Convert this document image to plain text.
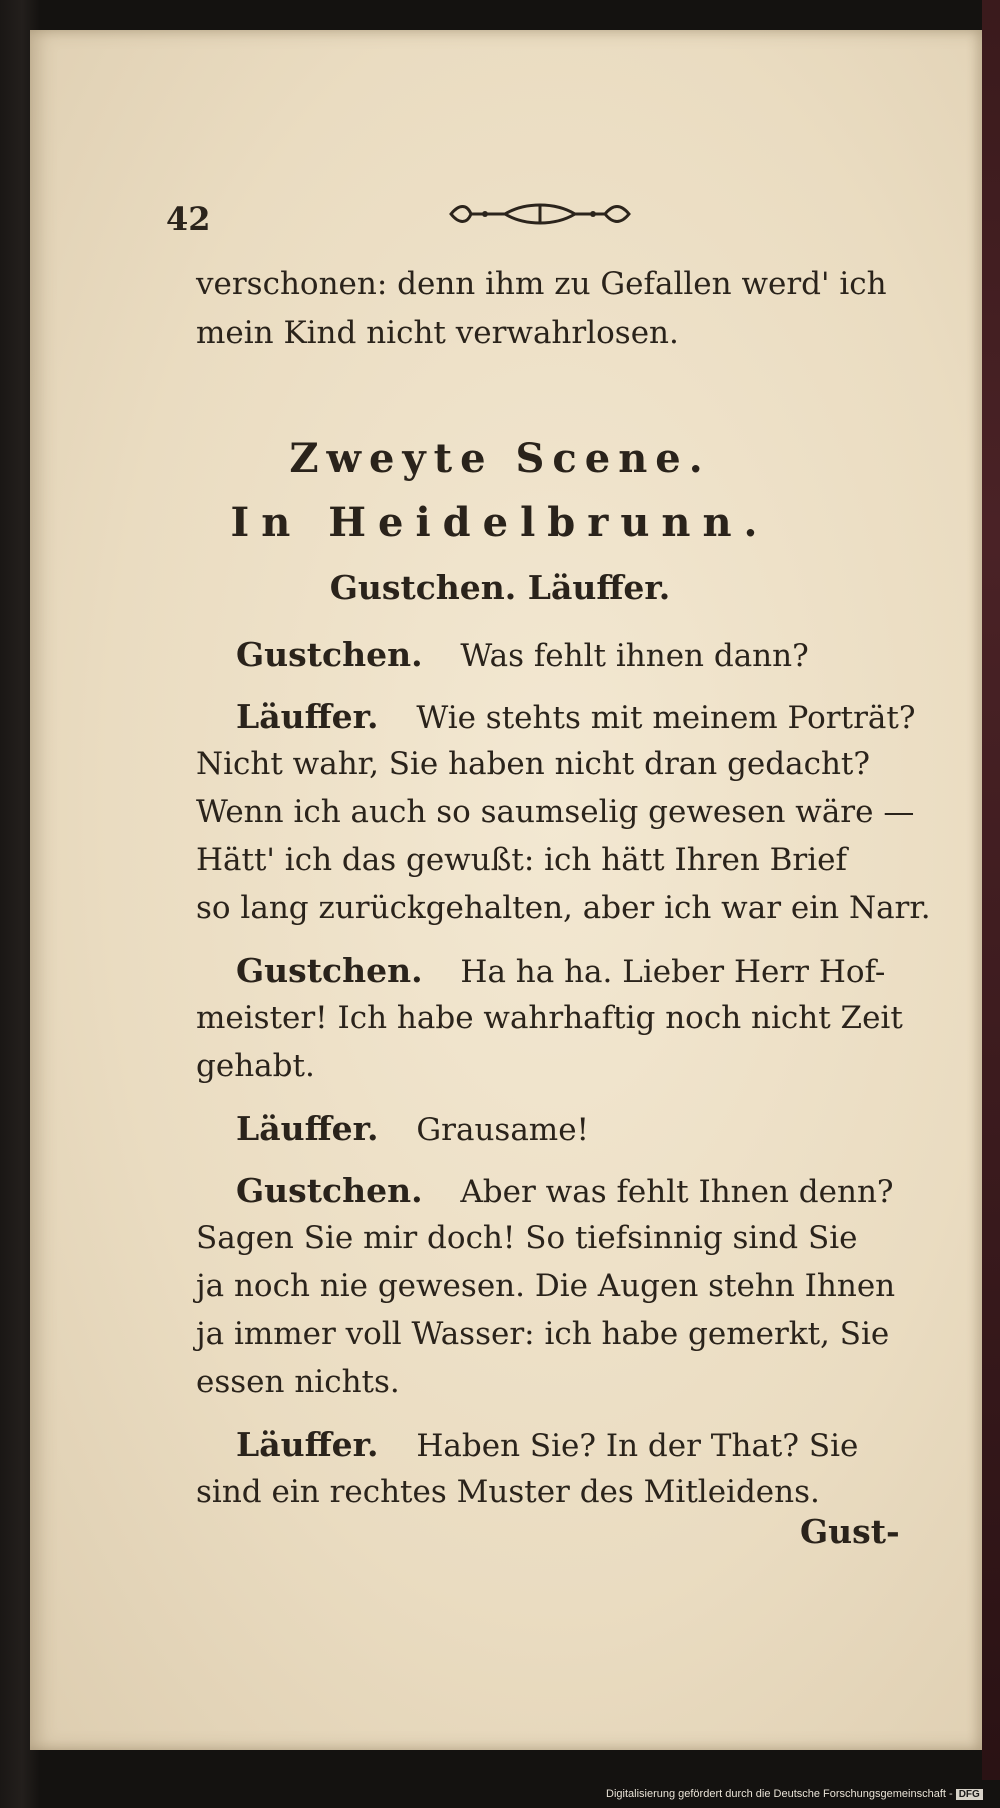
42
verschonen: denn ihm zu Gefallen werd' ich
mein Kind nicht verwahrlosen.
Zweyte Scene.
In Heidelbrunn.
Gustchen. Läuffer.
Gustchen. Was fehlt ihnen dann?
Läuffer. Wie stehts mit meinem Porträt?
Nicht wahr, Sie haben nicht dran gedacht?
Wenn ich auch so saumselig gewesen wäre —
Hätt' ich das gewußt: ich hätt Ihren Brief
so lang zurückgehalten, aber ich war ein Narr.
Gustchen. Ha ha ha. Lieber Herr Hof-
meister! Ich habe wahrhaftig noch nicht Zeit
gehabt.
Läuffer. Grausame!
Gustchen. Aber was fehlt Ihnen denn?
Sagen Sie mir doch! So tiefsinnig sind Sie
ja noch nie gewesen. Die Augen stehn Ihnen
ja immer voll Wasser: ich habe gemerkt, Sie
essen nichts.
Läuffer. Haben Sie? In der That? Sie
sind ein rechtes Muster des Mitleidens.
Gust-
Digitalisierung gefördert durch die Deutsche Forschungsgemeinschaft - DFG
